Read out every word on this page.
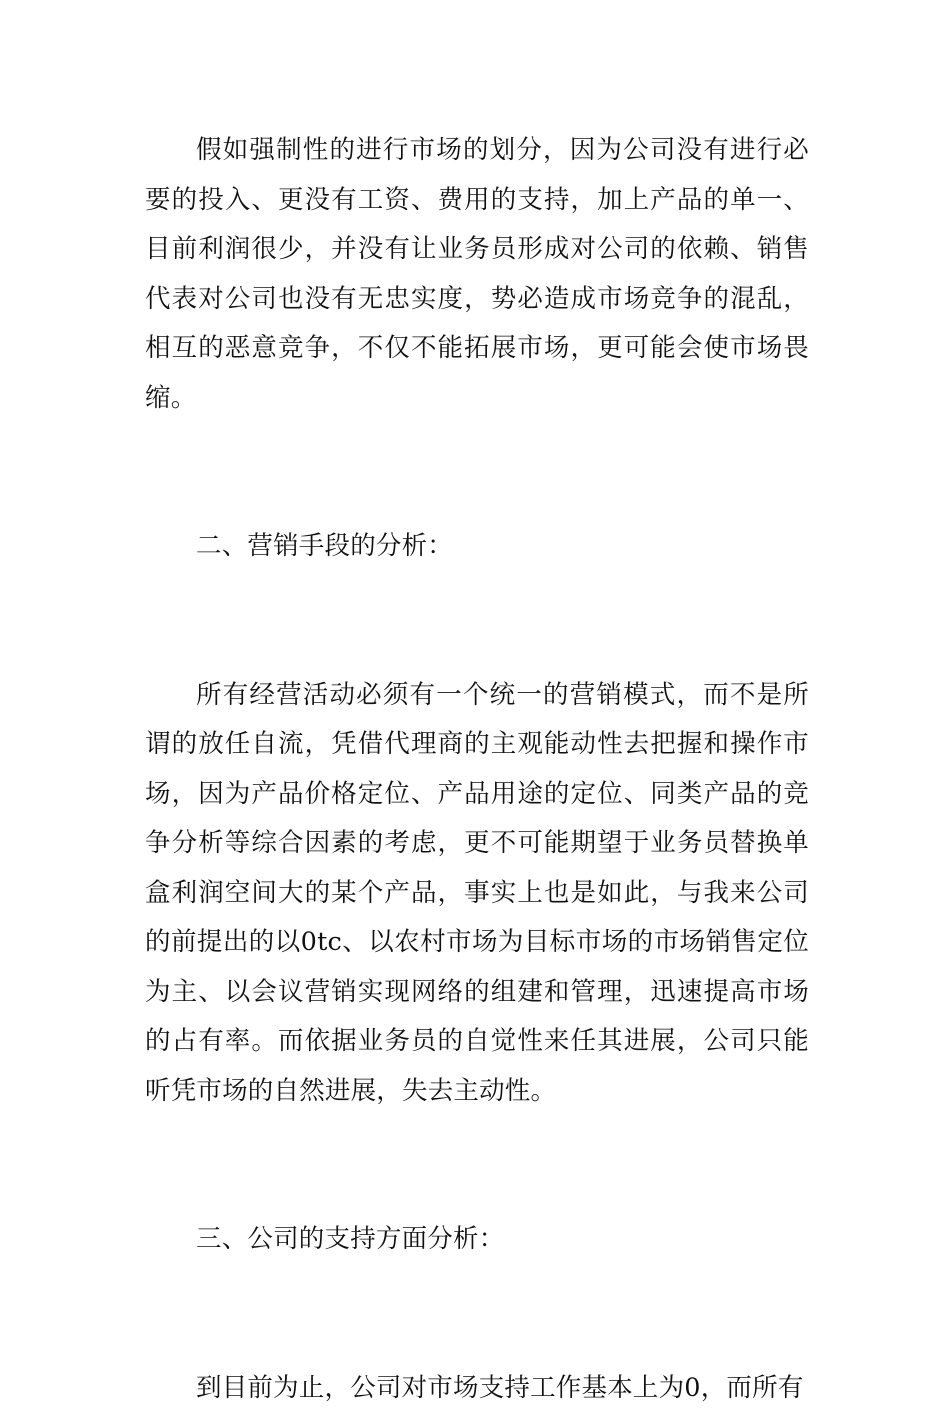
假如强制性的进行市场的划分，因为公司没有进行必要的投入、更没有工资、费用的支持，加上产品的单一、目前利润很少，并没有让业务员形成对公司的依赖、销售代表对公司也没有无忠实度，势必造成市场竞争的混乱，相互的恶意竞争，不仅不能拓展市场，更可能会使市场畏缩。

二、营销手段的分析：

所有经营活动必须有一个统一的营销模式，而不是所谓的放任自流，凭借代理商的主观能动性去把握和操作市场，因为产品价格定位、产品用途的定位、同类产品的竞争分析等综合因素的考虑，更不可能期望于业务员替换单盒利润空间大的某个产品，事实上也是如此，与我来公司的前提出的以0tc、以农村市场为目标市场的市场销售定位为主、以会议营销实现网络的组建和管理，迅速提高市场的占有率。而依据业务员的自觉性来任其进展，公司只能听凭市场的自然进展，失去主动性。

三、公司的支持方面分析：

到目前为止，公司对市场支持工作基本上为0，而所有
